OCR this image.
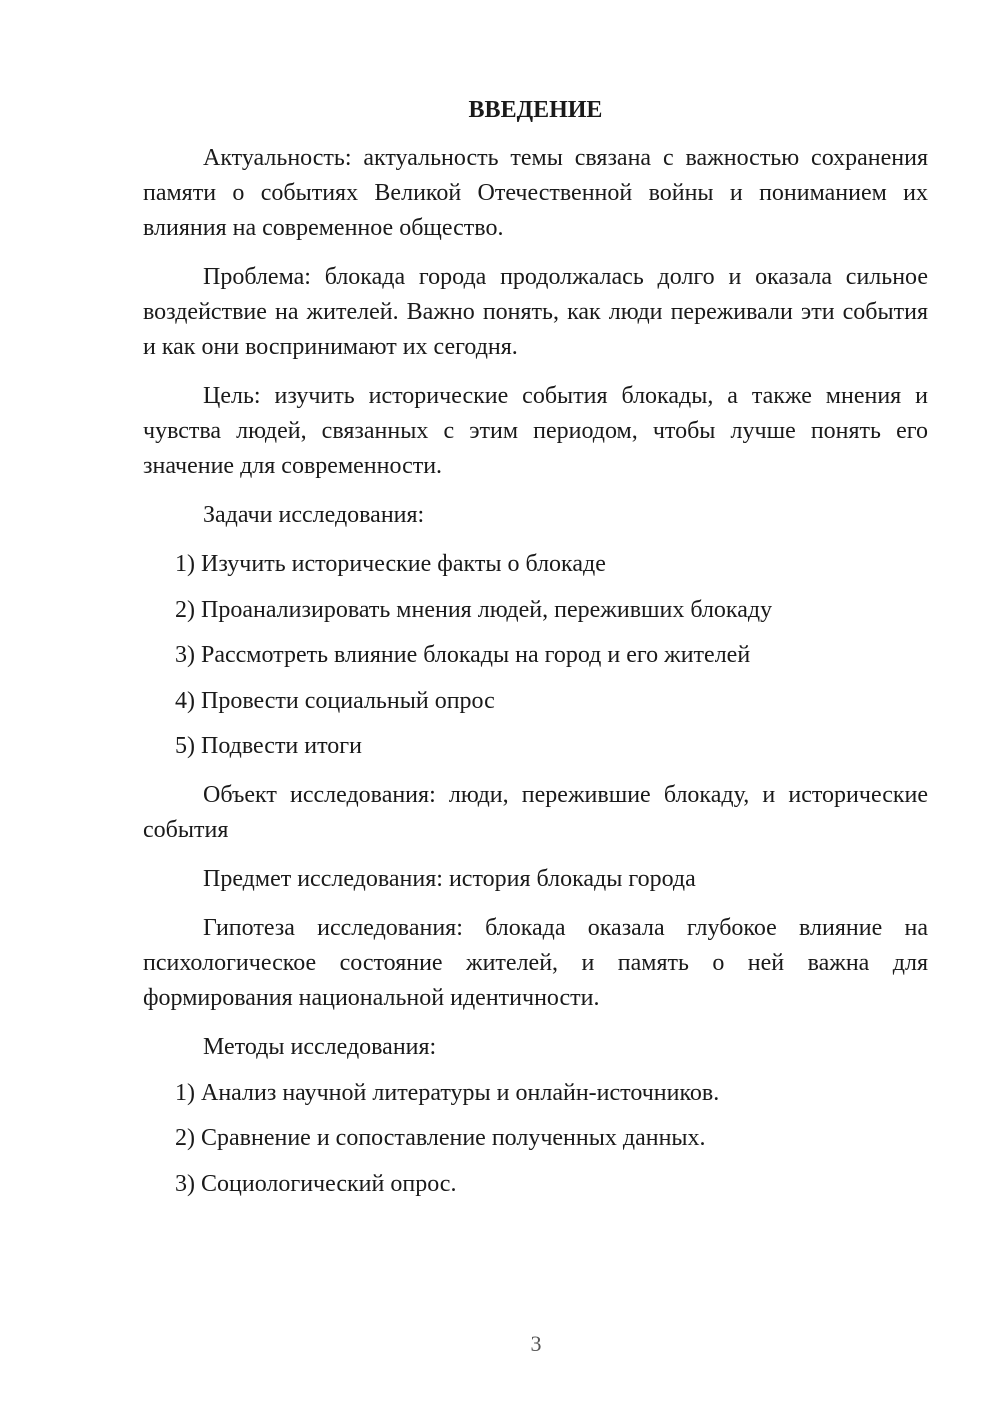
ВВЕДЕНИЕ

Актуальность: актуальность темы связана с важностью сохранения памяти о событиях Великой Отечественной войны и пониманием их влияния на современное общество.

Проблема: блокада города продолжалась долго и оказала сильное воздействие на жителей. Важно понять, как люди переживали эти события и как они воспринимают их сегодня.

Цель: изучить исторические события блокады, а также мнения и чувства людей, связанных с этим периодом, чтобы лучше понять его значение для современности.

Задачи исследования:

1) Изучить исторические факты о блокаде
2) Проанализировать мнения людей, переживших блокаду
3) Рассмотреть влияние блокады на город и его жителей
4) Провести социальный опрос
5) Подвести итоги

Объект исследования: люди, пережившие блокаду, и исторические события

Предмет исследования: история блокады города

Гипотеза исследования: блокада оказала глубокое влияние на психологическое состояние жителей, и память о ней важна для формирования национальной идентичности.

Методы исследования:

1) Анализ научной литературы и онлайн-источников.
2) Сравнение и сопоставление полученных данных.
3) Социологический опрос.
3
